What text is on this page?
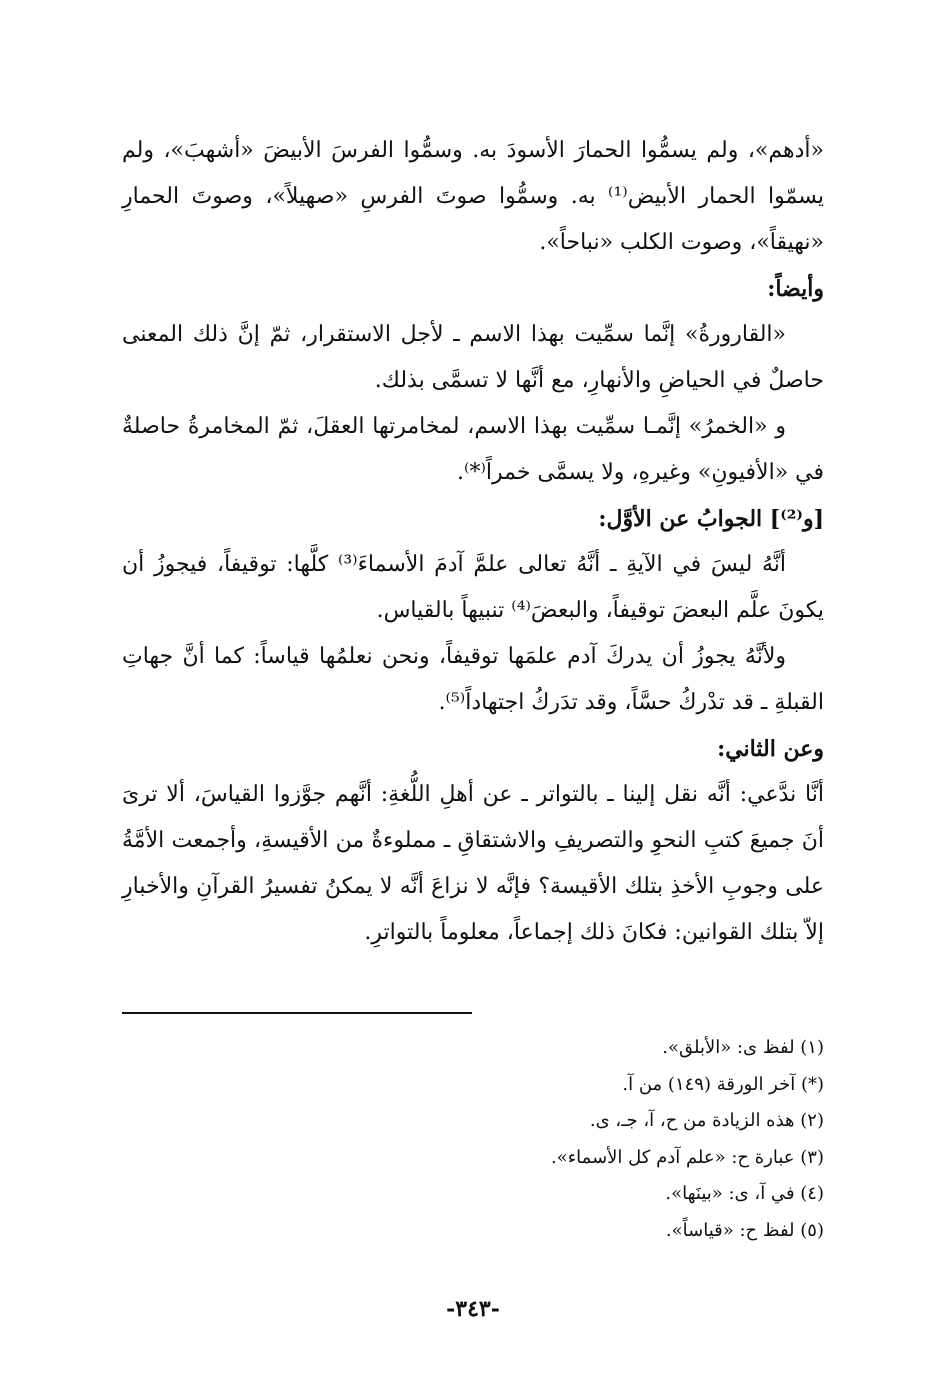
«أدهم»، ولم يسمُّوا الحمارَ الأسودَ به. وسمُّوا الفرسَ الأبيضَ «أشهبَ»، ولم يسمّوا الحمار الأبيض⁽¹⁾ به. وسمُّوا صوتَ الفرسِ «صهيلاً»، وصوتَ الحمارِ «نهيقاً»، وصوت الكلب «نباحاً».

وأيضاً:

«القارورةُ» إنَّما سمِّيت بهذا الاسم ـ لأجل الاستقرار، ثمّ إنَّ ذلك المعنى حاصلٌ في الحياضِ والأنهارِ، مع أنَّها لا تسمَّى بذلك.

و «الخمرُ» إنَّمـا سمِّيت بهذا الاسم، لمخامرتها العقلَ، ثمّ المخامرةُ حاصلةٌ في «الأفيونِ» وغيرهِ، ولا يسمَّى خمراً⁽*⁾.

[و⁽²⁾] الجوابُ عن الأوَّل:

أنَّهُ ليسَ في الآيةِ ـ أنَّهُ تعالى علمَّ آدمَ الأسماءَ⁽³⁾ كلَّها: توقيفاً، فيجوزُ أن يكونَ علَّم البعضَ توقيفاً، والبعضَ⁽⁴⁾ تنبيهاً بالقياس.

ولأنَّهُ يجوزُ أن يدركَ آدم علمَها توقيفاً، ونحن نعلمُها قياساً: كما أنَّ جهاتِ القبلةِ ـ قد تدْركُ حسَّاً، وقد تدَركُ اجتهاداً⁽⁵⁾.

وعن الثاني:

أنَّا ندَّعي: أنَّه نقل إلينا ـ بالتواتر ـ عن أهلِ اللُّغةِ: أنَّهم جوَّزوا القياسَ، ألا ترىَ أنَ جميعَ كتبِ النحوِ والتصريفِ والاشتقاقِ ـ مملوءةٌ من الأقيسةِ، وأجمعت الأمَّةُ على وجوبِ الأخذِ بتلك الأقيسة؟ فإنَّه لا نزاعَ أنَّه لا يمكنُ تفسيرُ القرآنِ والأخبارِ إلاّ بتلك القوانين: فكانَ ذلك إجماعاً، معلوماً بالتواترِ.

(١) لفظ ى: «الأبلق».
(*) آخر الورقة (١٤٩) من آ.
(٢) هذه الزيادة من ح، آ، جـ، ى.
(٣) عبارة ح: «علم آدم كل الأسماء».
(٤) في آ، ى: «بينَها».
(٥) لفظ ح: «قياساً».
-٣٤٣-
